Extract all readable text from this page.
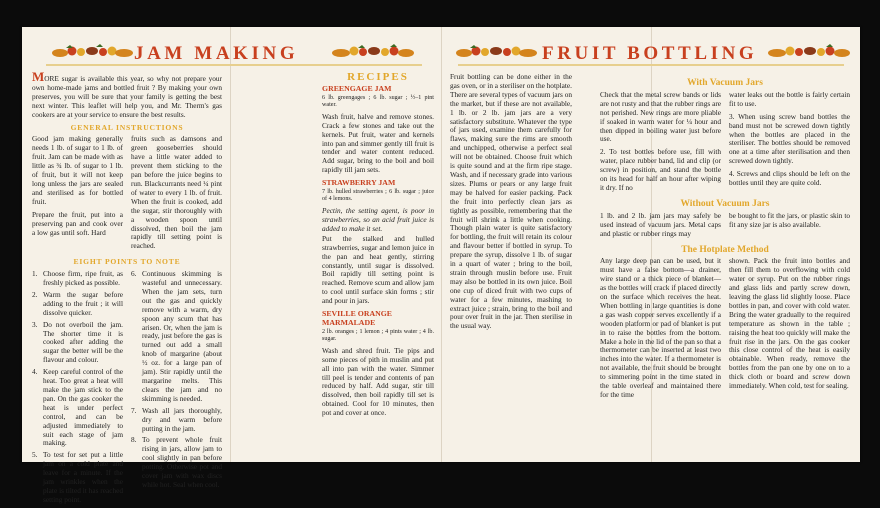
JAM MAKING	FRUIT BOTTLING

MORE sugar is available this year, so why not prepare your own home-made jams and bottled fruit ? By making your own preserves, you will be sure that your family is getting the best next winter. This leaflet will help you, and Mr. Therm's gas cookers are at your service to ensure the best results.

GENERAL INSTRUCTIONS

Good jam making generally needs 1 lb. of sugar to 1 lb. of fruit. Jam can be made with as little as ¾ lb. of sugar to 1 lb. of fruit, but it will not keep long unless the jars are sealed and sterilised as for bottled fruit.

Prepare the fruit, put into a preserving pan and cook over a low gas until soft. Hard

fruits such as damsons and green gooseberries should have a little water added to prevent them sticking to the pan before the juice begins to run. Blackcurrants need ¼ pint of water to every 1 lb. of fruit. When the fruit is cooked, add the sugar, stir thoroughly with a wooden spoon until dissolved, then boil the jam rapidly till setting point is reached.

EIGHT POINTS TO NOTE
1. Choose firm, ripe fruit, as freshly picked as possible.
2. Warm the sugar before adding to the fruit ; it will dissolve quicker.
3. Do not overboil the jam. The shorter time it is cooked after adding the sugar the better will be the flavour and colour.
4. Keep careful control of the heat. Too great a heat will make the jam stick to the pan. On the gas cooker the heat is under perfect control, and can be adjusted immediately to suit each stage of jam making.
5. To test for set put a little jam on a cold plate and leave for a minute. If the jam wrinkles when the plate is tilted it has reached setting point.
6. Continuous skimming is wasteful and unnecessary. When the jam sets, turn out the gas and quickly remove with a warm, dry spoon any scum that has arisen. Or, when the jam is ready, just before the gas is turned out add a small knob of margarine (about ½ oz. for a large pan of jam). Stir rapidly until the margarine melts. This clears the jam and no skimming is needed.
7. Wash all jars thoroughly, dry and warm before putting in the jam.
8. To prevent whole fruit rising in jars, allow jam to cool slightly in pan before potting. Otherwise pot and cover jam with wax discs while hot. Seal when cool.
RECIPES
GREENGAGE JAM

6 lb. greengages ; 6 lb. sugar ; ½–1 pint water.

Wash fruit, halve and remove stones. Crack a few stones and take out the kernels. Put fruit, water and kernels into pan and simmer gently till fruit is tender and water content reduced. Add sugar, bring to the boil and boil rapidly till jam sets.

STRAWBERRY JAM

7 lb. hulled strawberries ; 6 lb. sugar ; juice of 4 lemons.

Pectin, the setting agent, is poor in strawberries, so an acid fruit juice is added to make it set.

Put the stalked and hulled strawberries, sugar and lemon juice in the pan and heat gently, stirring constantly, until sugar is dissolved. Boil rapidly till setting point is reached. Remove scum and allow jam to cool until surface skin forms ; stir and pour in jars.

SEVILLE ORANGE MARMALADE

2 lb. oranges ; 1 lemon ; 4 pints water ; 4 lb. sugar.

Wash and shred fruit. Tie pips and some pieces of pith in muslin and put all into pan with the water. Simmer till peel is tender and contents of pan reduced by half. Add sugar, stir till dissolved, then boil rapidly till set is obtained. Cool for 10 minutes, then pot and cover at once.

Fruit bottling can be done either in the gas oven, or in a steriliser on the hotplate. There are several types of vacuum jars on the market, but if these are not available, 1 lb. or 2 lb. jam jars are a very satisfactory substitute. Whatever the type of jars used, examine them carefully for flaws, making sure the rims are smooth and unchipped, otherwise a perfect seal will not be obtained. Choose fruit which is quite sound and at the firm ripe stage. Wash, and if necessary grade into various sizes. Plums or pears or any large fruit may be halved for easier packing. Pack the fruit into perfectly clean jars as tightly as possible, remembering that the fruit will shrink a little when cooking. Though plain water is quite satisfactory for bottling, the fruit will retain its colour and flavour better if bottled in syrup. To prepare the syrup, dissolve 1 lb. of sugar in a quart of water ; bring to the boil, strain through muslin before use. Fruit may also be bottled in its own juice. Boil one cup of diced fruit with two cups of water for a few minutes, mashing to extract juice ; strain, bring to the boil and pour over fruit in the jar. Then sterilise in the usual way.

With Vacuum Jars

Check that the metal screw bands or lids are not rusty and that the rubber rings are not perished. New rings are more pliable if soaked in warm water for ¼ hour and then dipped in boiling water just before use.

2. To test bottles before use, fill with water, place rubber band, lid and clip (or screw) in position, and stand the bottle on its head for half an hour after wiping it dry. If no

water leaks out the bottle is fairly certain fit to use.

3. When using screw band bottles the band must not be screwed down tightly when the bottles are placed in the steriliser. The bottles should be removed one at a time after sterilisation and then screwed down tightly.

4. Screws and clips should be left on the bottles until they are quite cold.

Without Vacuum Jars

1 lb. and 2 lb. jam jars may safely be used instead of vacuum jars. Metal caps and plastic or rubber rings may

be bought to fit the jars, or plastic skin to fit any size jar is also available.

The Hotplate Method

Any large deep pan can be used, but it must have a false bottom—a drainer, wire stand or a thick piece of blanket—as the bottles will crack if placed directly on the surface which receives the heat. When bottling in large quantities is done a gas wash copper serves excellently if a wooden platform or pad of blanket is put in to raise the bottles from the bottom. Make a hole in the lid of the pan so that a thermometer can be inserted at least two inches into the water. If a thermometer is not available, the fruit should be brought to simmering point in the time stated in the table overleaf and maintained there for the time

shown. Pack the fruit into bottles and then fill them to overflowing with cold water or syrup. Put on the rubber rings and glass lids and partly screw down, leaving the glass lid slightly loose. Place bottles in pan, and cover with cold water. Bring the water gradually to the required temperature as shown in the table ; raising the heat too quickly will make the fruit rise in the jars. On the gas cooker this close control of the heat is easily obtainable. When ready, remove the bottles from the pan one by one on to a thick cloth or board and screw down immediately. When cold, test for sealing.
